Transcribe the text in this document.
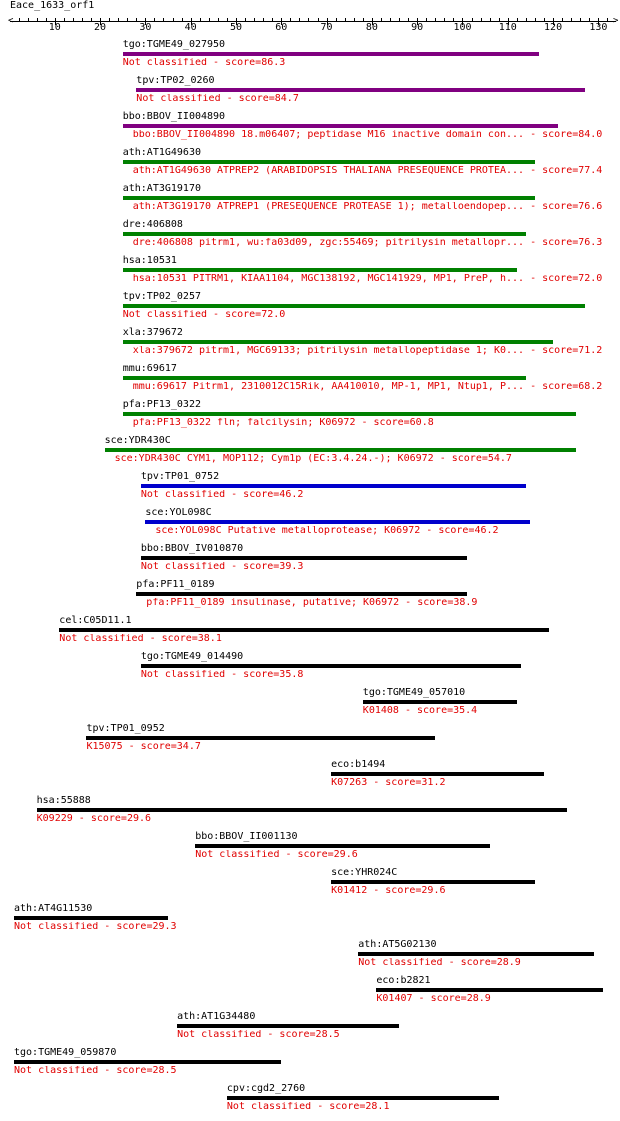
Eace_1633_orf1
<	>
10	20	30	40	50	60	70	80	90	100	110	120	130
tgo:TGME49_027950
Not classified - score=86.3
tpv:TP02_0260
Not classified - score=84.7
bbo:BBOV_II004890
bbo:BBOV_II004890 18.m06407; peptidase M16 inactive domain con... - score=84.0
ath:AT1G49630
ath:AT1G49630 ATPREP2 (ARABIDOPSIS THALIANA PRESEQUENCE PROTEA... - score=77.4
ath:AT3G19170
ath:AT3G19170 ATPREP1 (PRESEQUENCE PROTEASE 1); metalloendopep... - score=76.6
dre:406808
dre:406808 pitrm1, wu:fa03d09, zgc:55469; pitrilysin metallopr... - score=76.3
hsa:10531
hsa:10531 PITRM1, KIAA1104, MGC138192, MGC141929, MP1, PreP, h... - score=72.0
tpv:TP02_0257
Not classified - score=72.0
xla:379672
xla:379672 pitrm1, MGC69133; pitrilysin metallopeptidase 1; K0... - score=71.2
mmu:69617
mmu:69617 Pitrm1, 2310012C15Rik, AA410010, MP-1, MP1, Ntup1, P... - score=68.2
pfa:PF13_0322
pfa:PF13_0322 fln; falcilysin; K06972 - score=60.8
sce:YDR430C
sce:YDR430C CYM1, MOP112; Cym1p (EC:3.4.24.-); K06972 - score=54.7
tpv:TP01_0752
Not classified - score=46.2
sce:YOL098C
sce:YOL098C Putative metalloprotease; K06972 - score=46.2
bbo:BBOV_IV010870
Not classified - score=39.3
pfa:PF11_0189
pfa:PF11_0189 insulinase, putative; K06972 - score=38.9
cel:C05D11.1
Not classified - score=38.1
tgo:TGME49_014490
Not classified - score=35.8
tgo:TGME49_057010
K01408 - score=35.4
tpv:TP01_0952
K15075 - score=34.7
eco:b1494
K07263 - score=31.2
hsa:55888
K09229 - score=29.6
bbo:BBOV_II001130
Not classified - score=29.6
sce:YHR024C
K01412 - score=29.6
ath:AT4G11530
Not classified - score=29.3
ath:AT5G02130
Not classified - score=28.9
eco:b2821
K01407 - score=28.9
ath:AT1G34480
Not classified - score=28.5
tgo:TGME49_059870
Not classified - score=28.5
cpv:cgd2_2760
Not classified - score=28.1
